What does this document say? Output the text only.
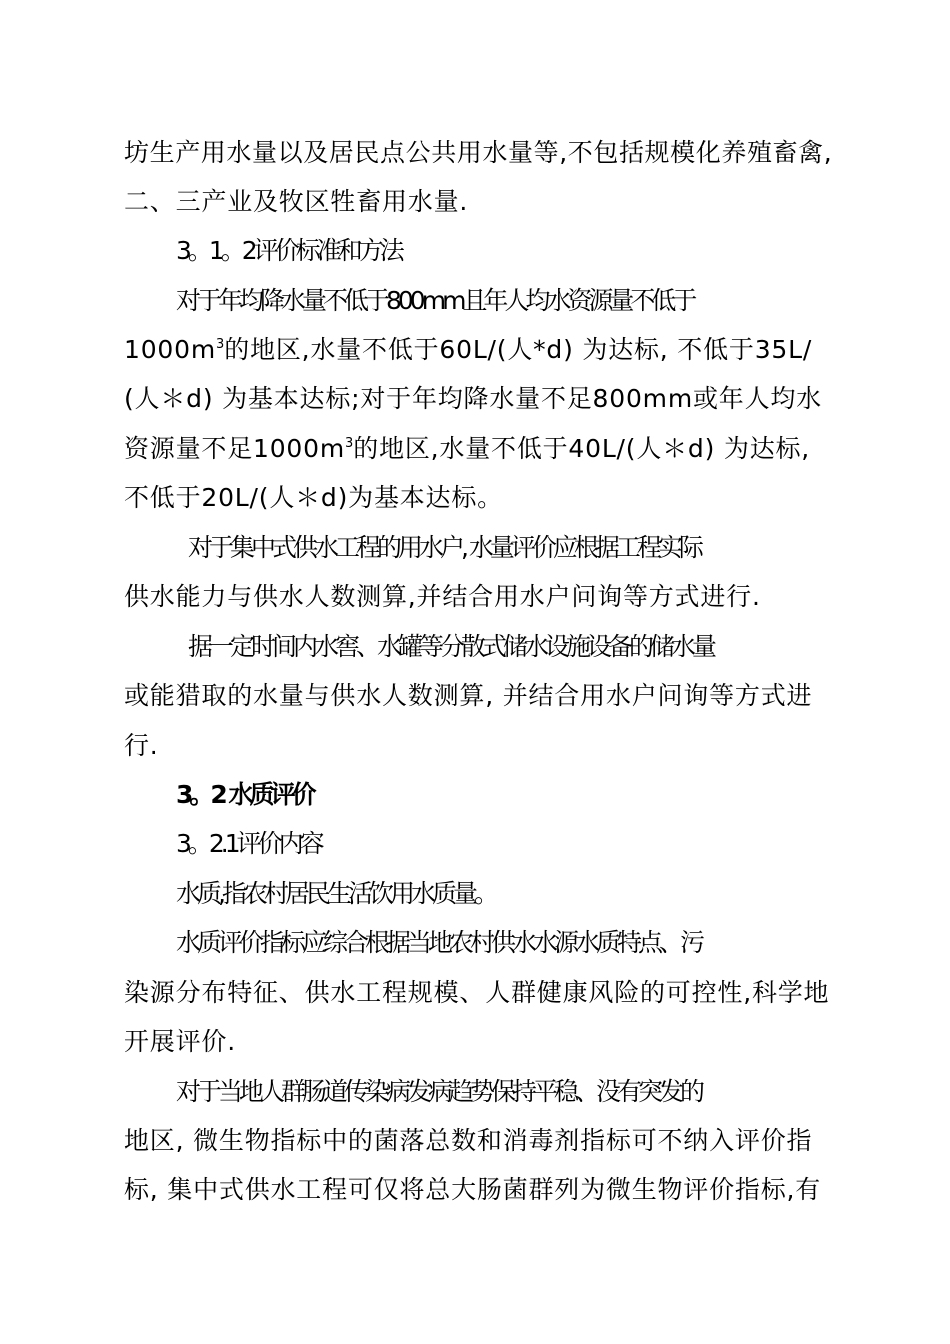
坊生产用水量以及居民点公共用水量等,不包括规模化养殖畜禽,
二、三产业及牧区牲畜用水量.
3。1。2评价标准和方法
对于年均降水量不低于800mm且年人均水资源量不低于
$1000m^3$的地区,水量不低于60L/(人*d) 为达标, 不低于35L/
(人＊d) 为基本达标;对于年均降水量不足800mm或年人均水
资源量不足$1000m^3$的地区,水量不低于40L/(人＊d) 为达标,
不低于20L/(人＊d)为基本达标。
对于集中式供水工程的用水户, 水量评价应根据工程实际
供水能力与供水人数测算,并结合用水户问询等方式进行.
据一定时间内水窖、水罐等分散式储水设施设备的储水量
或能猎取的水量与供水人数测算, 并结合用水户问询等方式进
行.
3。2 水质评价
3。2.1评价内容
水质,指农村居民生活饮用水质量。
水质评价指标应综合根据当地农村供水水源水质特点、污
染源分布特征、供水工程规模、人群健康风险的可控性,科学地
开展评价.
对于当地人群肠道传染病发病趋势保持平稳、没有突发的
地区, 微生物指标中的菌落总数和消毒剂指标可不纳入评价指
标, 集中式供水工程可仅将总大肠菌群列为微生物评价指标,有
